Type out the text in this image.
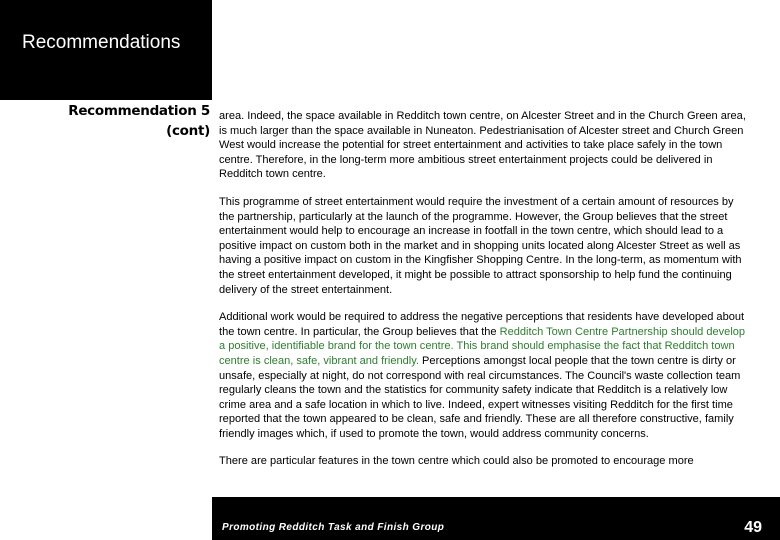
Recommendations
Recommendation 5
(cont)

area. Indeed, the space available in Redditch town centre, on Alcester Street and in the Church Green area, is much larger than the space available in Nuneaton. Pedestrianisation of Alcester street and Church Green West would increase the potential for street entertainment and activities to take place safely in the town centre. Therefore, in the long-term more ambitious street entertainment projects could be delivered in Redditch town centre.

This programme of street entertainment would require the investment of a certain amount of resources by the partnership, particularly at the launch of the programme. However, the Group believes that the street entertainment would help to encourage an increase in footfall in the town centre, which should lead to a positive impact on custom both in the market and in shopping units located along Alcester Street as well as having a positive impact on custom in the Kingfisher Shopping Centre. In the long-term, as momentum with the street entertainment developed, it might be possible to attract sponsorship to help fund the continuing delivery of the street entertainment.

Additional work would be required to address the negative perceptions that residents have developed about the town centre. In particular, the Group believes that the Redditch Town Centre Partnership should develop a positive, identifiable brand for the town centre. This brand should emphasise the fact that Redditch town centre is clean, safe, vibrant and friendly. Perceptions amongst local people that the town centre is dirty or unsafe, especially at night, do not correspond with real circumstances. The Council's waste collection team regularly cleans the town and the statistics for community safety indicate that Redditch is a relatively low crime area and a safe location in which to live. Indeed, expert witnesses visiting Redditch for the first time reported that the town appeared to be clean, safe and friendly. These are all therefore constructive, family friendly images which, if used to promote the town, would address community concerns.

There are particular features in the town centre which could also be promoted to encourage more

Promoting Redditch Task and Finish Group	49
